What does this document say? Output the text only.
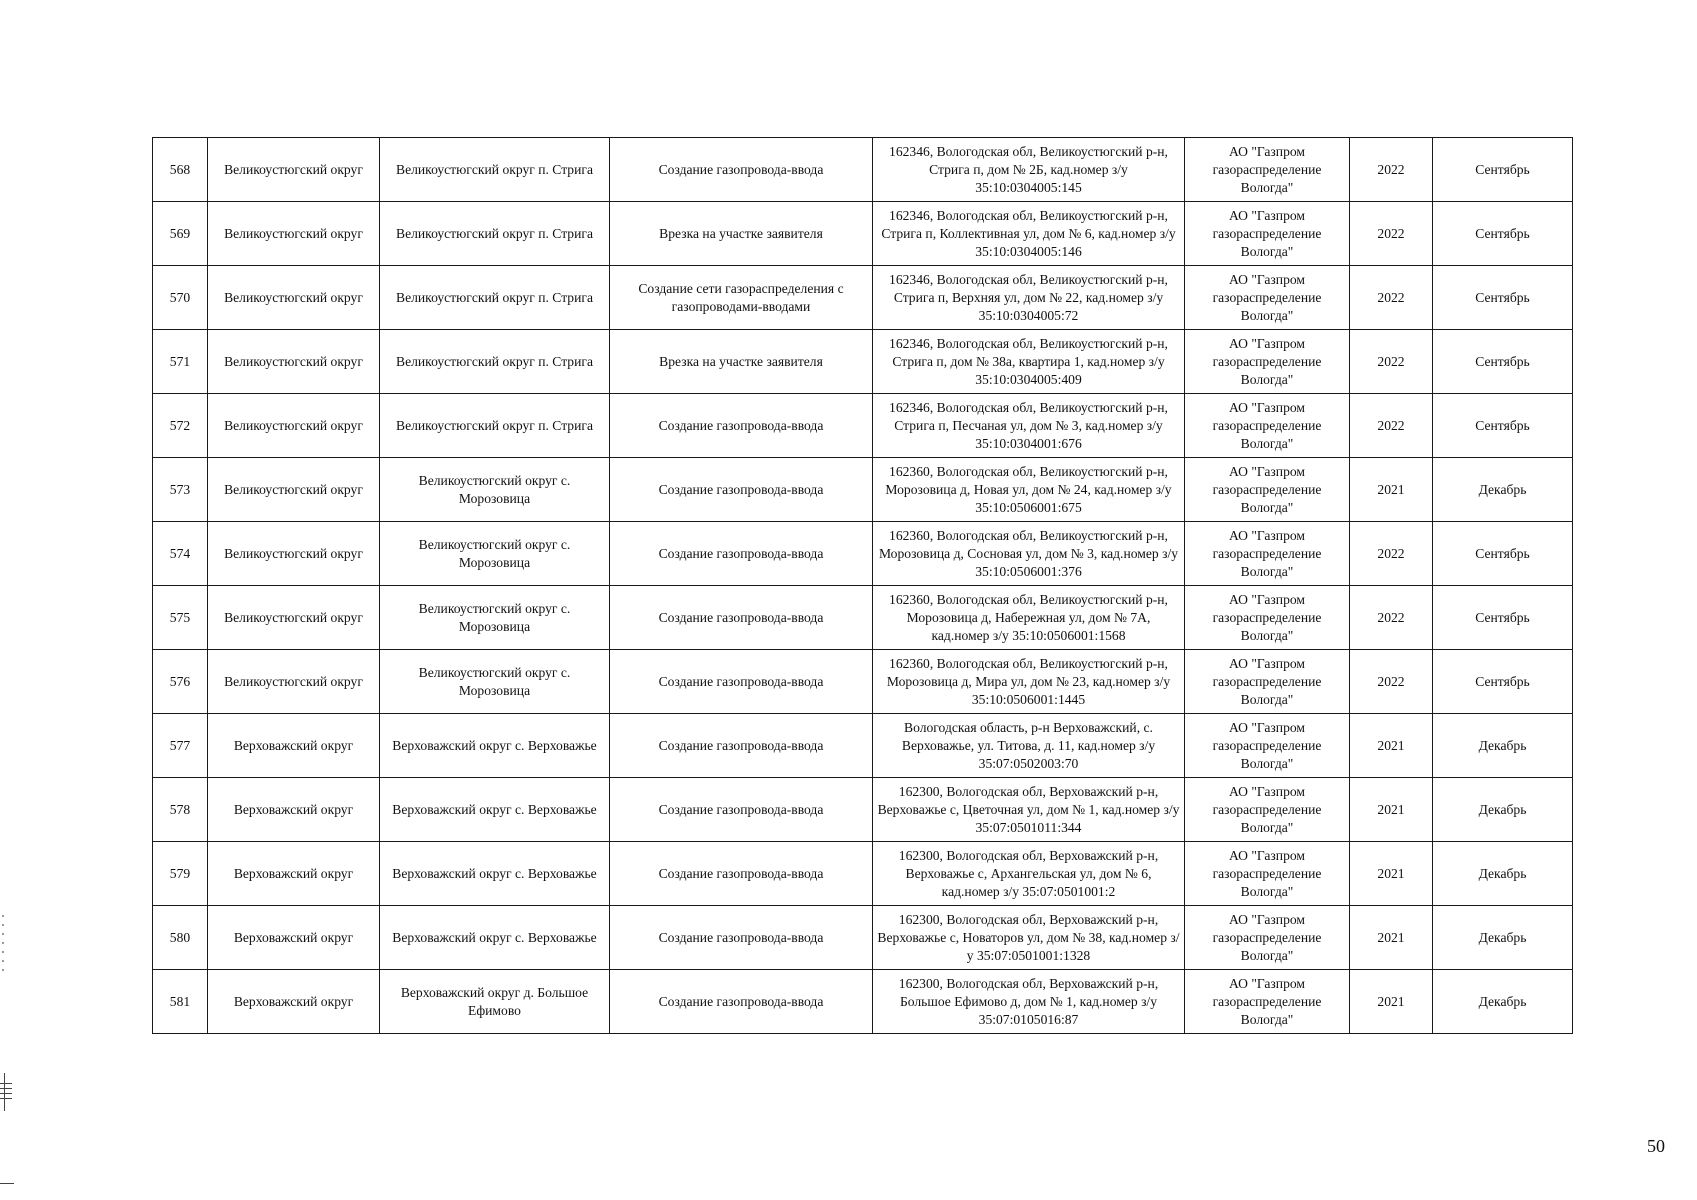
568	Великоустюгский округ	Великоустюгский округ п. Стрига	Создание газопровода-ввода	162346, Вологодская обл, Великоустюгский р-н, Стрига п, дом № 2Б, кад.номер з/у 35:10:0304005:145	АО "Газпром газораспределение Вологда"	2022	Сентябрь
569	Великоустюгский округ	Великоустюгский округ п. Стрига	Врезка на участке заявителя	162346, Вологодская обл, Великоустюгский р-н, Стрига п, Коллективная ул, дом № 6, кад.номер з/у 35:10:0304005:146	АО "Газпром газораспределение Вологда"	2022	Сентябрь
570	Великоустюгский округ	Великоустюгский округ п. Стрига	Создание сети газораспределения с газопроводами-вводами	162346, Вологодская обл, Великоустюгский р-н, Стрига п, Верхняя ул, дом № 22, кад.номер з/у 35:10:0304005:72	АО "Газпром газораспределение Вологда"	2022	Сентябрь
571	Великоустюгский округ	Великоустюгский округ п. Стрига	Врезка на участке заявителя	162346, Вологодская обл, Великоустюгский р-н, Стрига п, дом № 38а, квартира 1, кад.номер з/у 35:10:0304005:409	АО "Газпром газораспределение Вологда"	2022	Сентябрь
572	Великоустюгский округ	Великоустюгский округ п. Стрига	Создание газопровода-ввода	162346, Вологодская обл, Великоустюгский р-н, Стрига п, Песчаная ул, дом № 3, кад.номер з/у 35:10:0304001:676	АО "Газпром газораспределение Вологда"	2022	Сентябрь
573	Великоустюгский округ	Великоустюгский округ с. Морозовица	Создание газопровода-ввода	162360, Вологодская обл, Великоустюгский р-н, Морозовица д, Новая ул, дом № 24, кад.номер з/у 35:10:0506001:675	АО "Газпром газораспределение Вологда"	2021	Декабрь
574	Великоустюгский округ	Великоустюгский округ с. Морозовица	Создание газопровода-ввода	162360, Вологодская обл, Великоустюгский р-н, Морозовица д, Сосновая ул, дом № 3, кад.номер з/у 35:10:0506001:376	АО "Газпром газораспределение Вологда"	2022	Сентябрь
575	Великоустюгский округ	Великоустюгский округ с. Морозовица	Создание газопровода-ввода	162360, Вологодская обл, Великоустюгский р-н, Морозовица д, Набережная ул, дом № 7А, кад.номер з/у 35:10:0506001:1568	АО "Газпром газораспределение Вологда"	2022	Сентябрь
576	Великоустюгский округ	Великоустюгский округ с. Морозовица	Создание газопровода-ввода	162360, Вологодская обл, Великоустюгский р-н, Морозовица д, Мира ул, дом № 23, кад.номер з/у 35:10:0506001:1445	АО "Газпром газораспределение Вологда"	2022	Сентябрь
577	Верховажский округ	Верховажский округ с. Верховажье	Создание газопровода-ввода	Вологодская область, р-н Верховажский, с. Верховажье, ул. Титова, д. 11, кад.номер з/у 35:07:0502003:70	АО "Газпром газораспределение Вологда"	2021	Декабрь
578	Верховажский округ	Верховажский округ с. Верховажье	Создание газопровода-ввода	162300, Вологодская обл, Верховажский р-н, Верховажье с, Цветочная ул, дом № 1, кад.номер з/у 35:07:0501011:344	АО "Газпром газораспределение Вологда"	2021	Декабрь
579	Верховажский округ	Верховажский округ с. Верховажье	Создание газопровода-ввода	162300, Вологодская обл, Верховажский р-н, Верховажье с, Архангельская ул, дом № 6, кад.номер з/у 35:07:0501001:2	АО "Газпром газораспределение Вологда"	2021	Декабрь
580	Верховажский округ	Верховажский округ с. Верховажье	Создание газопровода-ввода	162300, Вологодская обл, Верховажский р-н, Верховажье с, Новаторов ул, дом № 38, кад.номер з/у 35:07:0501001:1328	АО "Газпром газораспределение Вологда"	2021	Декабрь
581	Верховажский округ	Верховажский округ д. Большое Ефимово	Создание газопровода-ввода	162300, Вологодская обл, Верховажский р-н, Большое Ефимово д, дом № 1, кад.номер з/у 35:07:0105016:87	АО "Газпром газораспределение Вологда"	2021	Декабрь
50
